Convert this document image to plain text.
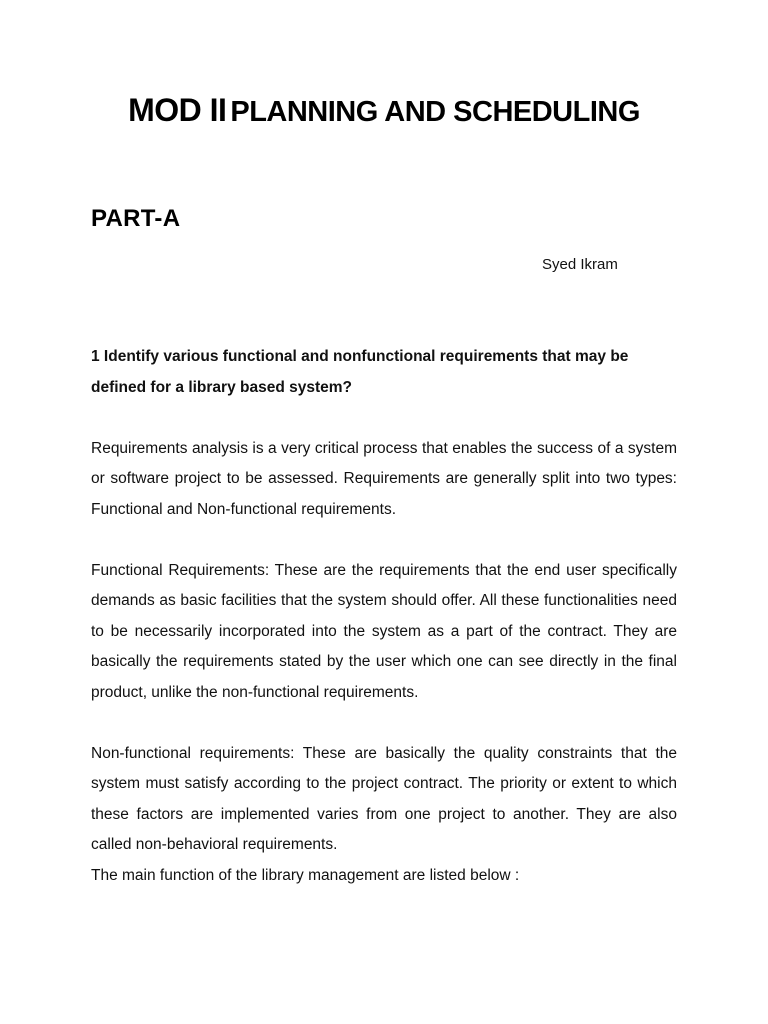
MOD II PLANNING AND SCHEDULING
PART-A
Syed Ikram

1 Identify various functional and nonfunctional requirements that may be defined for a library based system?

Requirements analysis is a very critical process that enables the success of a system or software project to be assessed. Requirements are generally split into two types: Functional and Non-functional requirements.

Functional Requirements: These are the requirements that the end user specifically demands as basic facilities that the system should offer. All these functionalities need to be necessarily incorporated into the system as a part of the contract. They are basically the requirements stated by the user which one can see directly in the final product, unlike the non-functional requirements.

Non-functional requirements: These are basically the quality constraints that the system must satisfy according to the project contract. The priority or extent to which these factors are implemented varies from one project to another. They are also called non-behavioral requirements.

The main function of the library management are listed below :
